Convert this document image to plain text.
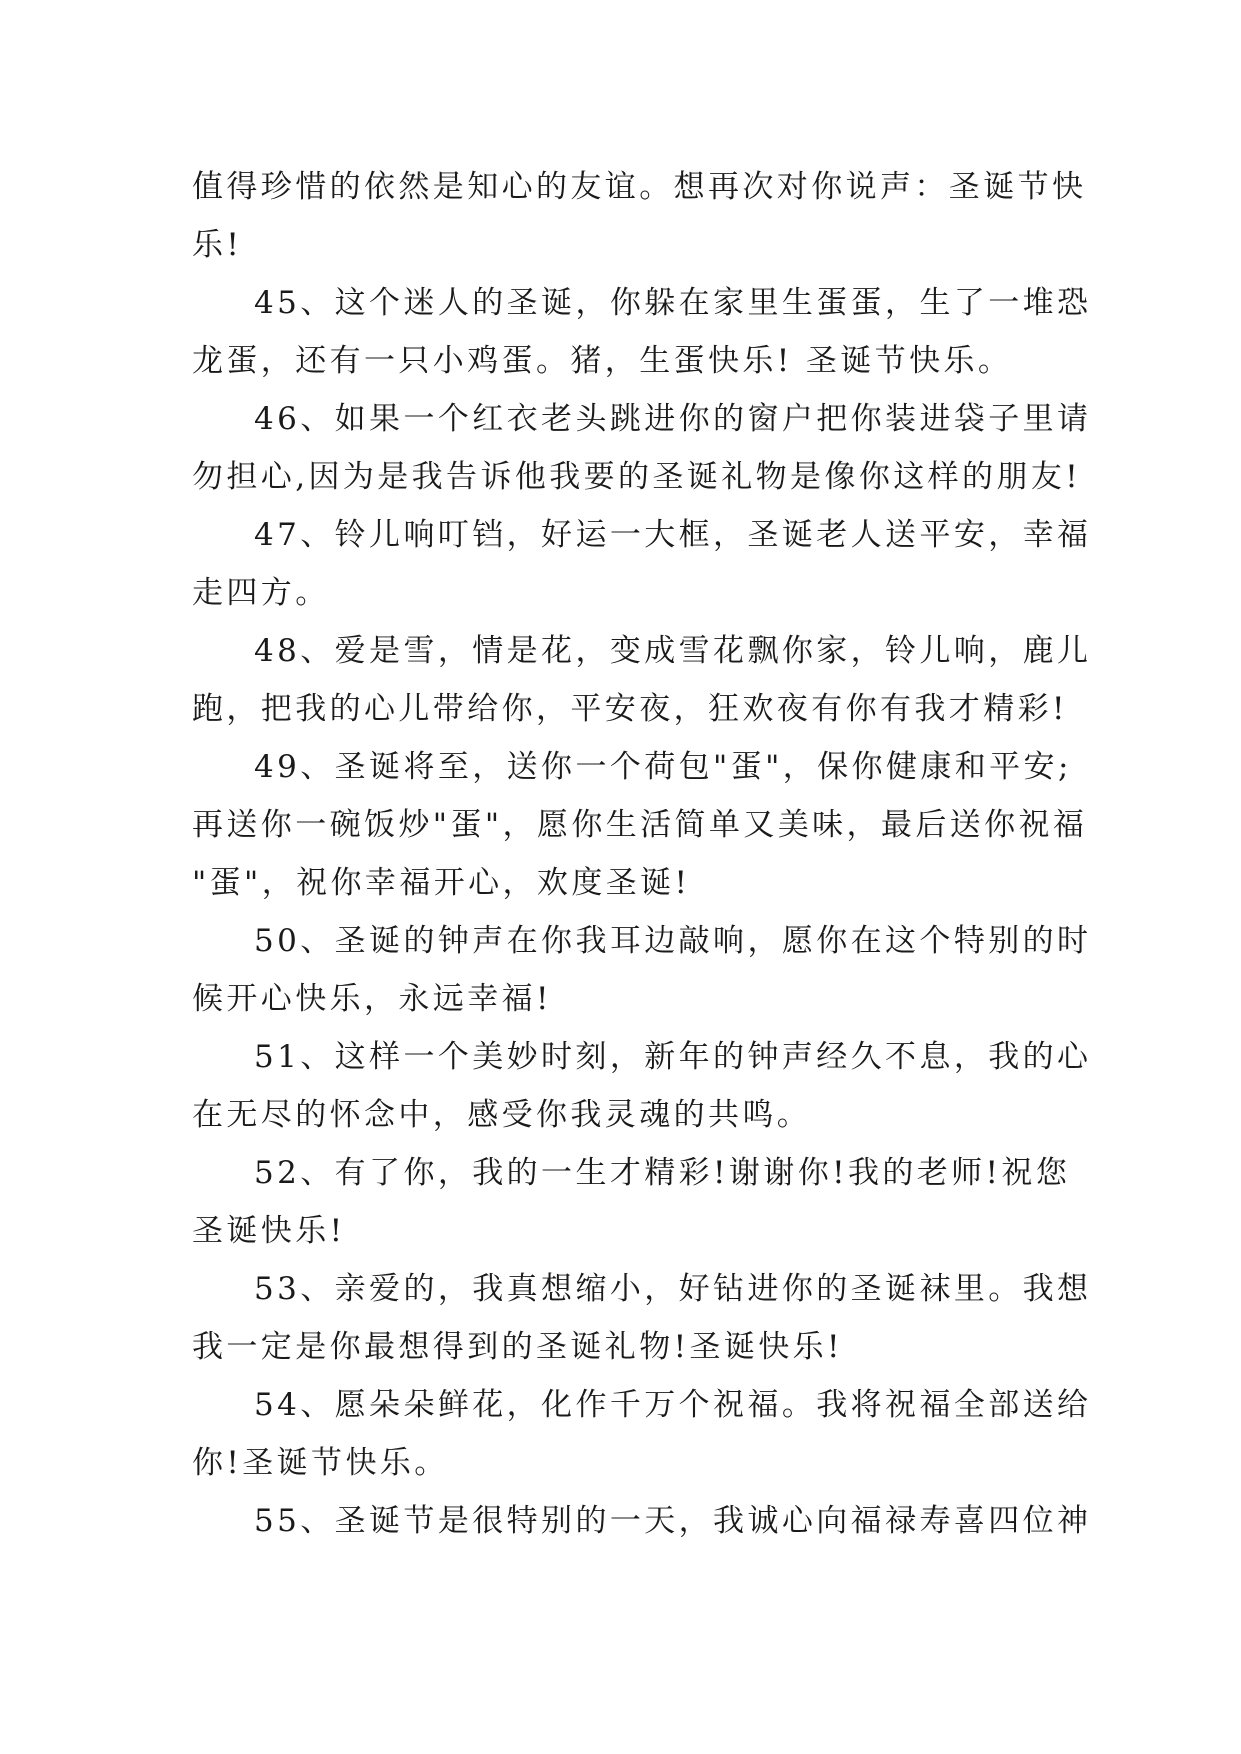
值得珍惜的依然是知心的友谊。想再次对你说声：圣诞节快
乐!
45、这个迷人的圣诞，你躲在家里生蛋蛋，生了一堆恐
龙蛋，还有一只小鸡蛋。猪，生蛋快乐! 圣诞节快乐。
46、如果一个红衣老头跳进你的窗户把你装进袋子里请
勿担心,因为是我告诉他我要的圣诞礼物是像你这样的朋友!
47、铃儿响叮铛，好运一大框，圣诞老人送平安，幸福
走四方。
48、爱是雪，情是花，变成雪花飘你家，铃儿响，鹿儿
跑，把我的心儿带给你，平安夜，狂欢夜有你有我才精彩!
49、圣诞将至，送你一个荷包"蛋"，保你健康和平安;
再送你一碗饭炒"蛋"，愿你生活简单又美味，最后送你祝福
"蛋"，祝你幸福开心，欢度圣诞!
50、圣诞的钟声在你我耳边敲响，愿你在这个特别的时
候开心快乐，永远幸福!
51、这样一个美妙时刻，新年的钟声经久不息，我的心
在无尽的怀念中，感受你我灵魂的共鸣。
52、有了你，我的一生才精彩!谢谢你!我的老师!祝您
圣诞快乐!
53、亲爱的，我真想缩小，好钻进你的圣诞袜里。我想
我一定是你最想得到的圣诞礼物!圣诞快乐!
54、愿朵朵鲜花，化作千万个祝福。我将祝福全部送给
你!圣诞节快乐。
55、圣诞节是很特别的一天，我诚心向福禄寿喜四位神
